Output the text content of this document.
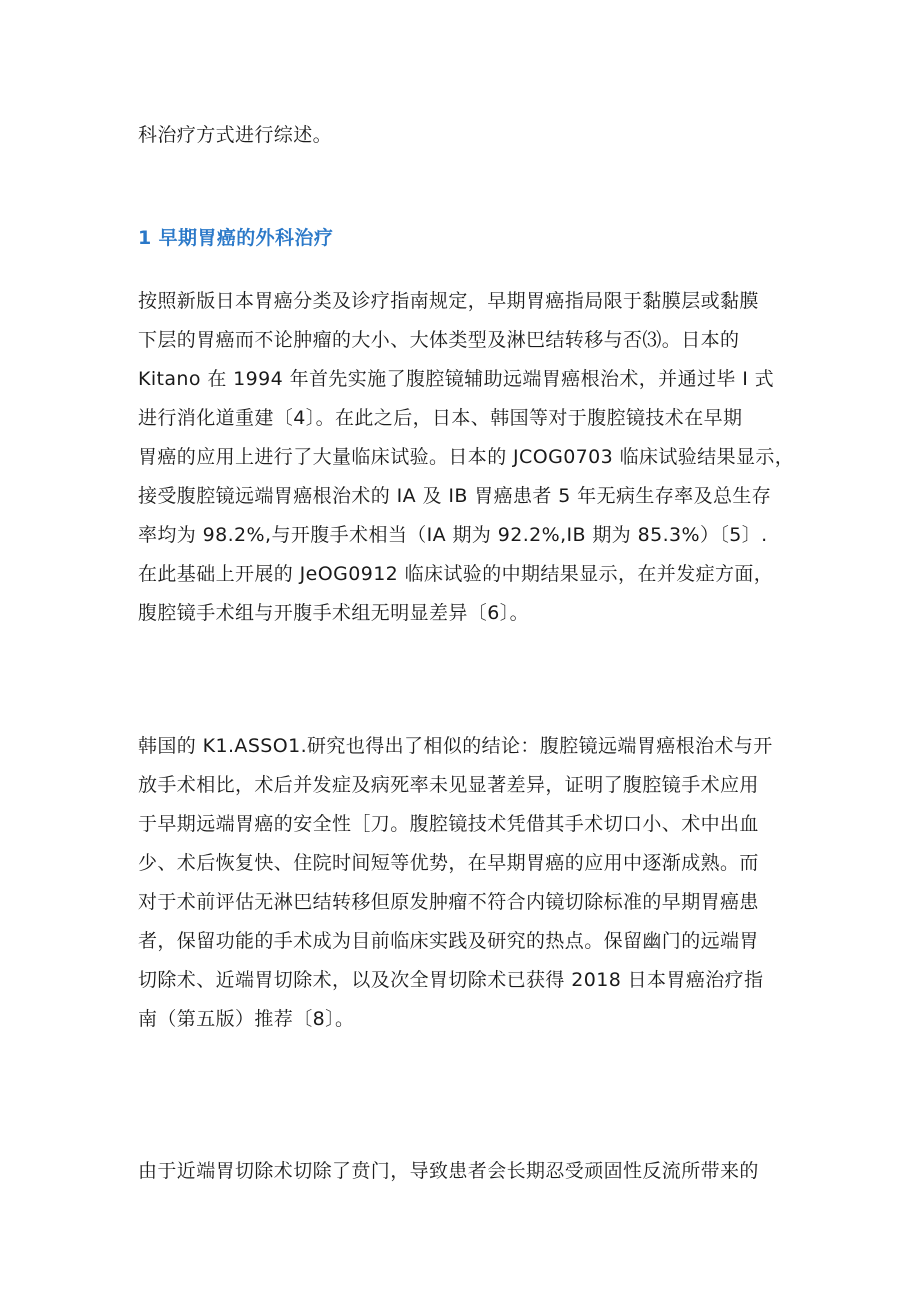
科治疗方式进行综述。
1 早期胃癌的外科治疗
按照新版日本胃癌分类及诊疗指南规定，早期胃癌指局限于黏膜层或黏膜
下层的胃癌而不论肿瘤的大小、大体类型及淋巴结转移与否⑶。日本的
Kitano 在 1994 年首先实施了腹腔镜辅助远端胃癌根治术，并通过毕 I 式
进行消化道重建〔4〕。在此之后，日本、韩国等对于腹腔镜技术在早期
胃癌的应用上进行了大量临床试验。日本的 JCOG0703 临床试验结果显示，
接受腹腔镜远端胃癌根治术的 IA 及 IB 胃癌患者 5 年无病生存率及总生存
率均为 98.2%,与开腹手术相当（IA 期为 92.2%,IB 期为 85.3%）〔5〕.
在此基础上开展的 JeOG0912 临床试验的中期结果显示，在并发症方面，
腹腔镜手术组与开腹手术组无明显差异〔6〕。
韩国的 K1.ASSO1.研究也得出了相似的结论：腹腔镜远端胃癌根治术与开
放手术相比，术后并发症及病死率未见显著差异，证明了腹腔镜手术应用
于早期远端胃癌的安全性［刀。腹腔镜技术凭借其手术切口小、术中出血
少、术后恢复快、住院时间短等优势，在早期胃癌的应用中逐渐成熟。而
对于术前评估无淋巴结转移但原发肿瘤不符合内镜切除标准的早期胃癌患
者，保留功能的手术成为目前临床实践及研究的热点。保留幽门的远端胃
切除术、近端胃切除术，以及次全胃切除术已获得 2018 日本胃癌治疗指
南（第五版）推荐〔8〕。
由于近端胃切除术切除了贲门，导致患者会长期忍受顽固性反流所带来的
